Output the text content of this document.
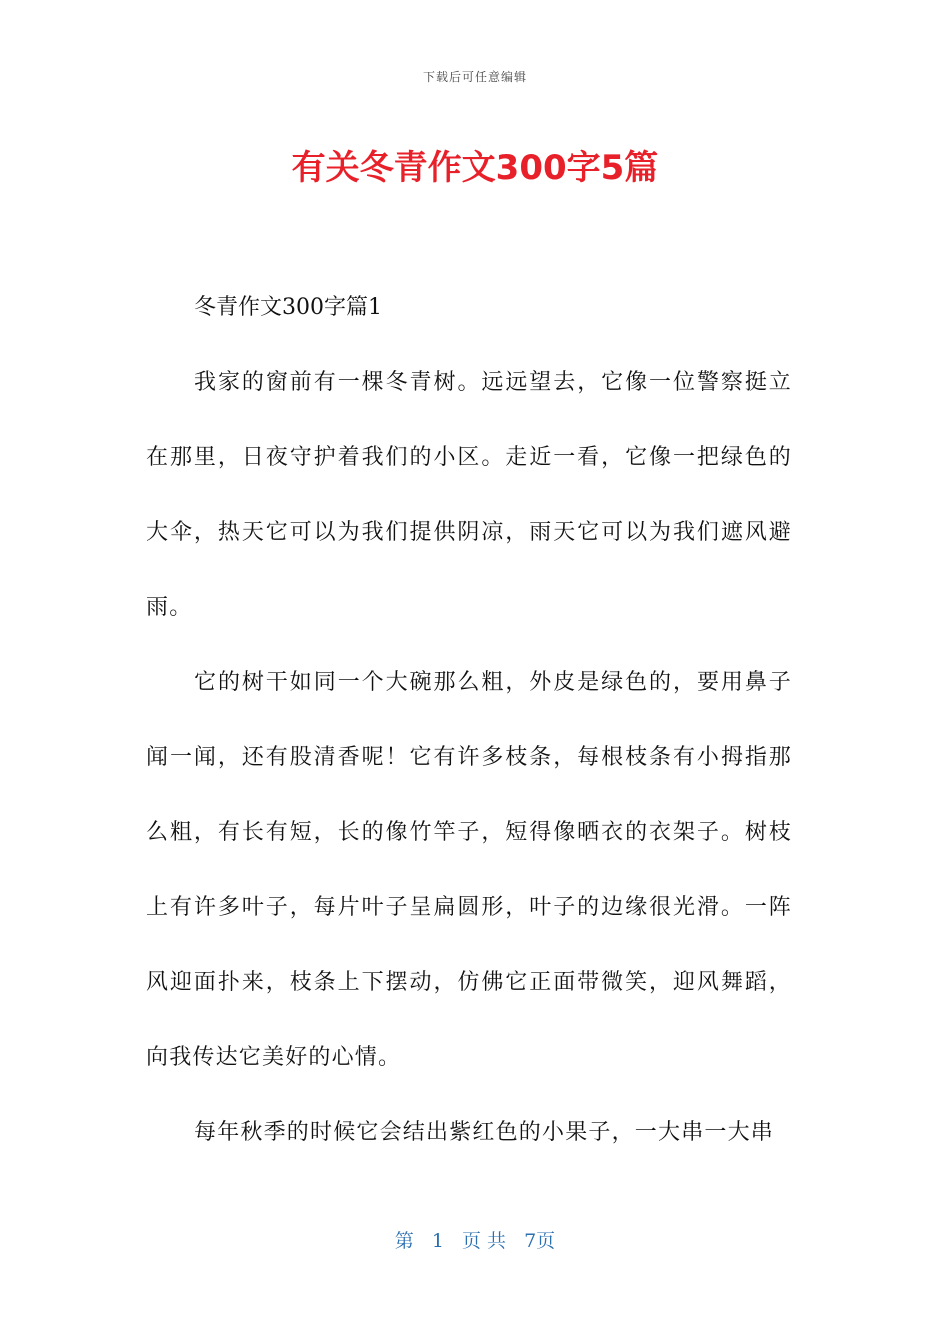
下载后可任意编辑
有关冬青作文300字5篇

冬青作文300字篇1

我家的窗前有一棵冬青树。远远望去，它像一位警察挺立在那里，日夜守护着我们的小区。走近一看，它像一把绿色的大伞，热天它可以为我们提供阴凉，雨天它可以为我们遮风避雨。

它的树干如同一个大碗那么粗，外皮是绿色的，要用鼻子闻一闻，还有股清香呢！它有许多枝条，每根枝条有小拇指那么粗，有长有短，长的像竹竿子，短得像晒衣的衣架子。树枝上有许多叶子，每片叶子呈扁圆形，叶子的边缘很光滑。一阵风迎面扑来，枝条上下摆动，仿佛它正面带微笑，迎风舞蹈，向我传达它美好的心情。

每年秋季的时候它会结出紫红色的小果子，一大串一大串

第 1 页 共 7页
